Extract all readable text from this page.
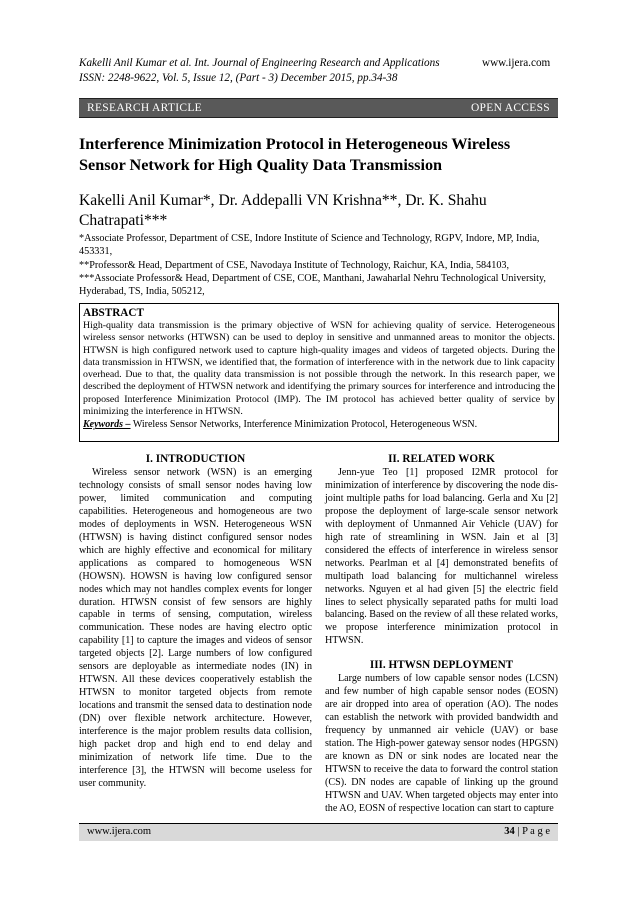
Kakelli Anil Kumar et al. Int. Journal of Engineering Research and Applications
ISSN: 2248-9622, Vol. 5, Issue 12, (Part - 3) December 2015, pp.34-38
www.ijera.com
RESEARCH ARTICLE	OPEN ACCESS
Interference Minimization Protocol in Heterogeneous Wireless Sensor Network for High Quality Data Transmission
Kakelli Anil Kumar*, Dr. Addepalli VN Krishna**, Dr. K. Shahu Chatrapati***
*Associate Professor, Department of CSE, Indore Institute of Science and Technology, RGPV, Indore, MP, India, 453331,
**Professor& Head, Department of CSE, Navodaya Institute of Technology, Raichur, KA, India, 584103,
***Associate Professor& Head, Department of CSE, COE, Manthani, Jawaharlal Nehru Technological University, Hyderabad, TS, India, 505212,
ABSTRACT
High-quality data transmission is the primary objective of WSN for achieving quality of service. Heterogeneous wireless sensor networks (HTWSN) can be used to deploy in sensitive and unmanned areas to monitor the objects. HTWSN is high configured network used to capture high-quality images and videos of targeted objects. During the data transmission in HTWSN, we identified that, the formation of interference with in the network due to link capacity overhead. Due to that, the quality data transmission is not possible through the network. In this research paper, we described the deployment of HTWSN network and identifying the primary sources for interference and introducing the proposed Interference Minimization Protocol (IMP). The IM protocol has achieved better quality of service by minimizing the interference in HTWSN.
Keywords – Wireless Sensor Networks, Interference Minimization Protocol, Heterogeneous WSN.
I. INTRODUCTION
Wireless sensor network (WSN) is an emerging technology consists of small sensor nodes having low power, limited communication and computing capabilities. Heterogeneous and homogeneous are two modes of deployments in WSN. Heterogeneous WSN (HTWSN) is having distinct configured sensor nodes which are highly effective and economical for military applications as compared to homogeneous WSN (HOWSN). HOWSN is having low configured sensor nodes which may not handles complex events for longer duration. HTWSN consist of few sensors are highly capable in terms of sensing, computation, wireless communication. These nodes are having electro optic capability [1] to capture the images and videos of sensor targeted objects [2]. Large numbers of low configured sensors are deployable as intermediate nodes (IN) in HTWSN. All these devices cooperatively establish the HTWSN to monitor targeted objects from remote locations and transmit the sensed data to destination node (DN) over flexible network architecture. However, interference is the major problem results data collision, high packet drop and high end to end delay and minimization of network life time. Due to the interference [3], the HTWSN will become useless for user community.
II. RELATED WORK
Jenn-yue Teo [1] proposed I2MR protocol for minimization of interference by discovering the node dis-joint multiple paths for load balancing. Gerla and Xu [2] propose the deployment of large-scale sensor network with deployment of Unmanned Air Vehicle (UAV) for high rate of streamlining in WSN. Jain et al [3] considered the effects of interference in wireless sensor networks. Pearlman et al [4] demonstrated benefits of multipath load balancing for multichannel wireless networks. Nguyen et al had given [5] the electric field lines to select physically separated paths for multi load balancing. Based on the review of all these related works, we propose interference minimization protocol in HTWSN.
III. HTWSN DEPLOYMENT
Large numbers of low capable sensor nodes (LCSN) and few number of high capable sensor nodes (EOSN) are air dropped into area of operation (AO). The nodes can establish the network with provided bandwidth and frequency by unmanned air vehicle (UAV) or base station. The High-power gateway sensor nodes (HPGSN) are known as DN or sink nodes are located near the HTWSN to receive the data to forward the control station (CS). DN nodes are capable of linking up the ground HTWSN and UAV. When targeted objects may enter into the AO, EOSN of respective location can start to capture
www.ijera.com	34 | P a g e
